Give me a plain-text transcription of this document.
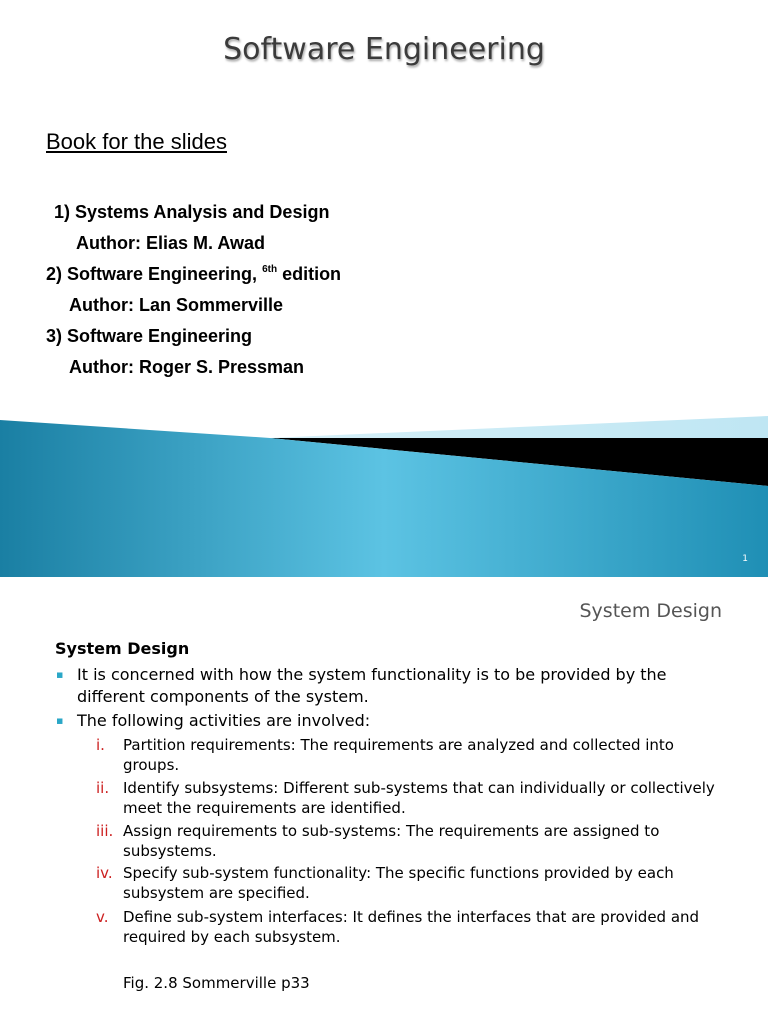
Software Engineering
Book for the slides
1) Systems Analysis and Design
Author: Elias M. Awad
2) Software Engineering, $^{6th}$ edition
Author: Lan Sommerville
3) Software Engineering
Author: Roger S. Pressman
1
System Design
System Design
▪ It is concerned with how the system functionality is to be provided by the different components of the system.
▪ The following activities are involved:
i. Partition requirements: The requirements are analyzed and collected into groups.
ii. Identify subsystems: Different sub-systems that can individually or collectively meet the requirements are identified.
iii. Assign requirements to sub-systems: The requirements are assigned to subsystems.
iv. Specify sub-system functionality: The specific functions provided by each subsystem are specified.
v. Define sub-system interfaces: It defines the interfaces that are provided and required by each subsystem.
Fig. 2.8 Sommerville p33
